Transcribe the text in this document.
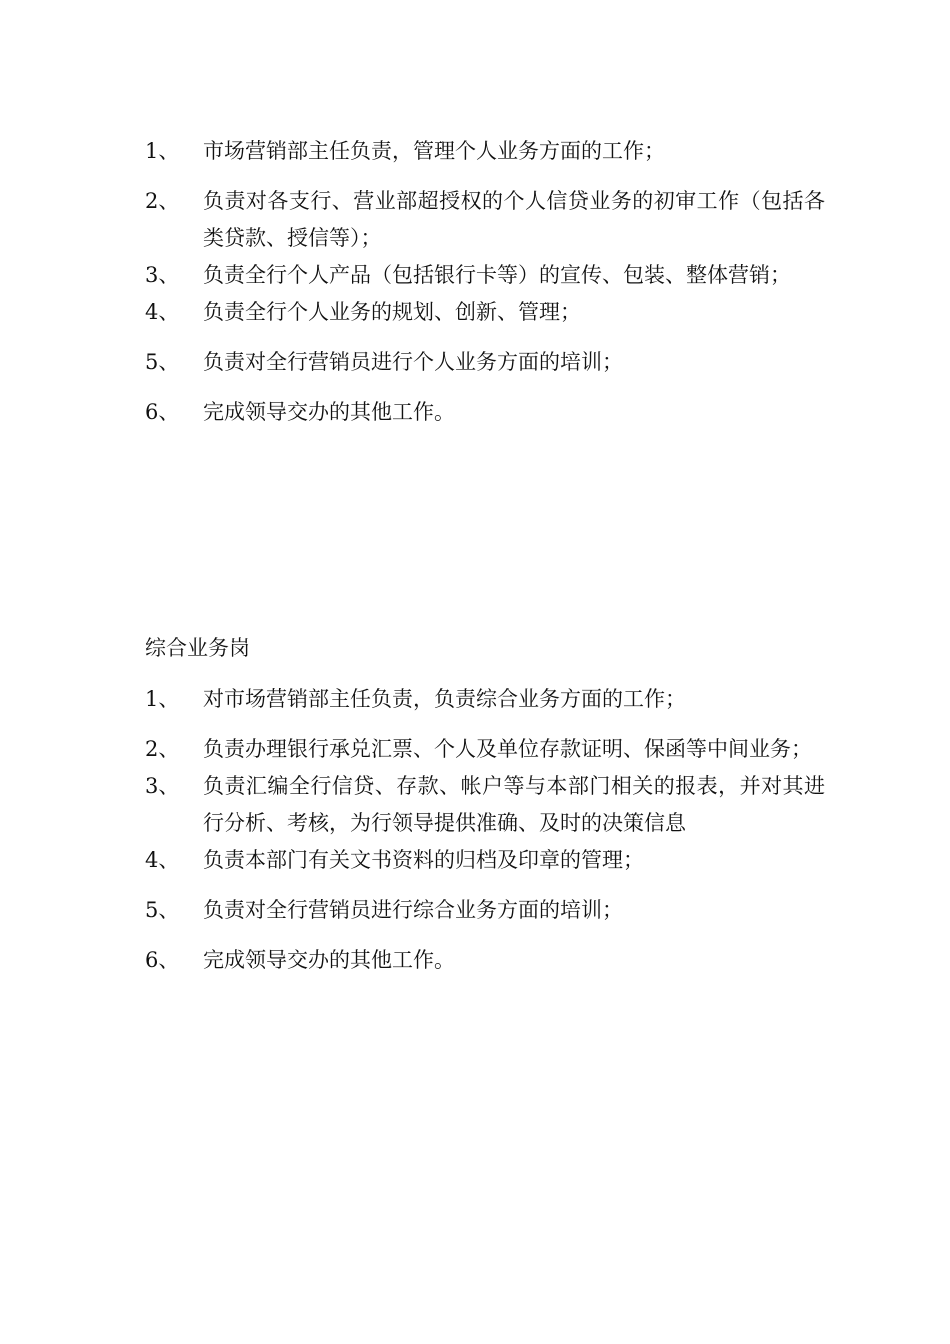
1、	市场营销部主任负责，管理个人业务方面的工作；
2、	负责对各支行、营业部超授权的个人信贷业务的初审工作（包括各类贷款、授信等）；
3、	负责全行个人产品（包括银行卡等）的宣传、包装、整体营销；
4、	负责全行个人业务的规划、创新、管理；
5、	负责对全行营销员进行个人业务方面的培训；
6、	完成领导交办的其他工作。
综合业务岗
1、	对市场营销部主任负责，负责综合业务方面的工作；
2、	负责办理银行承兑汇票、个人及单位存款证明、保函等中间业务；
3、	负责汇编全行信贷、存款、帐户等与本部门相关的报表，并对其进行分析、考核，为行领导提供准确、及时的决策信息
4、	负责本部门有关文书资料的归档及印章的管理；
5、	负责对全行营销员进行综合业务方面的培训；
6、	完成领导交办的其他工作。
